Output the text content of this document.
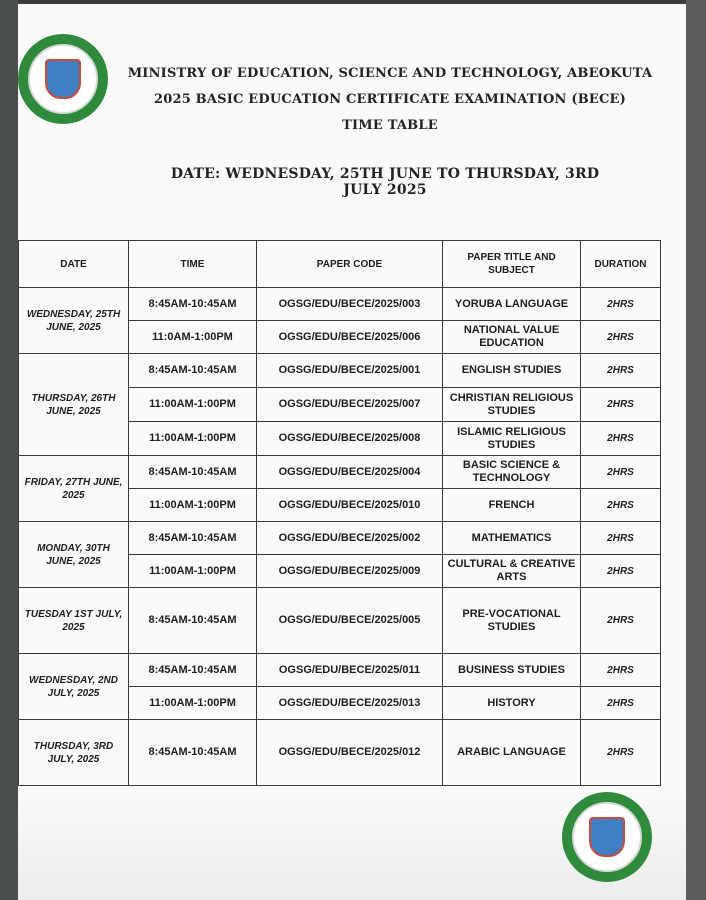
MINISTRY OF EDUCATION, SCIENCE AND TECHNOLOGY, ABEOKUTA
2025 BASIC EDUCATION CERTIFICATE EXAMINATION (BECE)
TIME TABLE
DATE: WEDNESDAY, 25TH JUNE TO THURSDAY, 3RD JULY 2025
DATE	TIME	PAPER CODE	PAPER TITLE AND SUBJECT	DURATION
WEDNESDAY, 25TH JUNE, 2025	8:45AM-10:45AM	OGSG/EDU/BECE/2025/003	YORUBA LANGUAGE	2HRS
	11:0AM-1:00PM	OGSG/EDU/BECE/2025/006	NATIONAL VALUE EDUCATION	2HRS
THURSDAY, 26TH JUNE, 2025	8:45AM-10:45AM	OGSG/EDU/BECE/2025/001	ENGLISH STUDIES	2HRS
	11:00AM-1:00PM	OGSG/EDU/BECE/2025/007	CHRISTIAN RELIGIOUS STUDIES	2HRS
	11:00AM-1:00PM	OGSG/EDU/BECE/2025/008	ISLAMIC RELIGIOUS STUDIES	2HRS
FRIDAY, 27TH JUNE, 2025	8:45AM-10:45AM	OGSG/EDU/BECE/2025/004	BASIC SCIENCE & TECHNOLOGY	2HRS
	11:00AM-1:00PM	OGSG/EDU/BECE/2025/010	FRENCH	2HRS
MONDAY, 30TH JUNE, 2025	8:45AM-10:45AM	OGSG/EDU/BECE/2025/002	MATHEMATICS	2HRS
	11:00AM-1:00PM	OGSG/EDU/BECE/2025/009	CULTURAL & CREATIVE ARTS	2HRS
TUESDAY 1ST JULY, 2025	8:45AM-10:45AM	OGSG/EDU/BECE/2025/005	PRE-VOCATIONAL STUDIES	2HRS
WEDNESDAY, 2ND JULY, 2025	8:45AM-10:45AM	OGSG/EDU/BECE/2025/011	BUSINESS STUDIES	2HRS
	11:00AM-1:00PM	OGSG/EDU/BECE/2025/013	HISTORY	2HRS
THURSDAY, 3RD JULY, 2025	8:45AM-10:45AM	OGSG/EDU/BECE/2025/012	ARABIC LANGUAGE	2HRS
